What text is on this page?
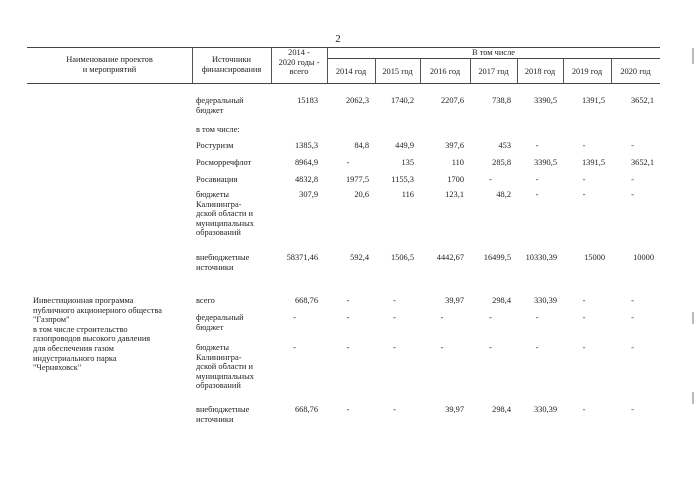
2
Наименование проектов
и мероприятий
Источники
финансирования
2014 -
2020 годы -
всего
В том числе
2014 год	2015 год	2016 год	2017 год	2018 год	2019 год	2020 год
федеральный
бюджет
15183	2062,3	1740,2	2207,6	738,8	3390,5	1391,5	3652,1
в том числе:
Ростуризм	1385,3	84,8	449,9	397,6	453	-	-	-
Росморречфлот	8964,9	-	135	110	285,8	3390,5	1391,5	3652,1
Росавиация	4832,8	1977,5	1155,3	1700	-	-	-	-
бюджеты
Калинингра-
дской области и
муниципальных
образований
307,9	20,6	116	123,1	48,2	-	-	-
внебюджетные
источники
58371,46	592,4	1506,5	4442,67	16499,5	10330,39	15000	10000
Инвестиционная программа
публичного акционерного общества
"Газпром"
в том числе строительство
газопроводов высокого давления
для обеспечения газом
индустриального парка
"Черняховск"
всего	668,76	-	-	39,97	298,4	330,39	-	-
федеральный
бюджет
-	-	-	-	-	-	-	-
бюджеты
Калинингра-
дской области и
муниципальных
образований
-	-	-	-	-	-	-	-
внебюджетные
источники
668,76	-	-	39,97	298,4	330,39	-	-
